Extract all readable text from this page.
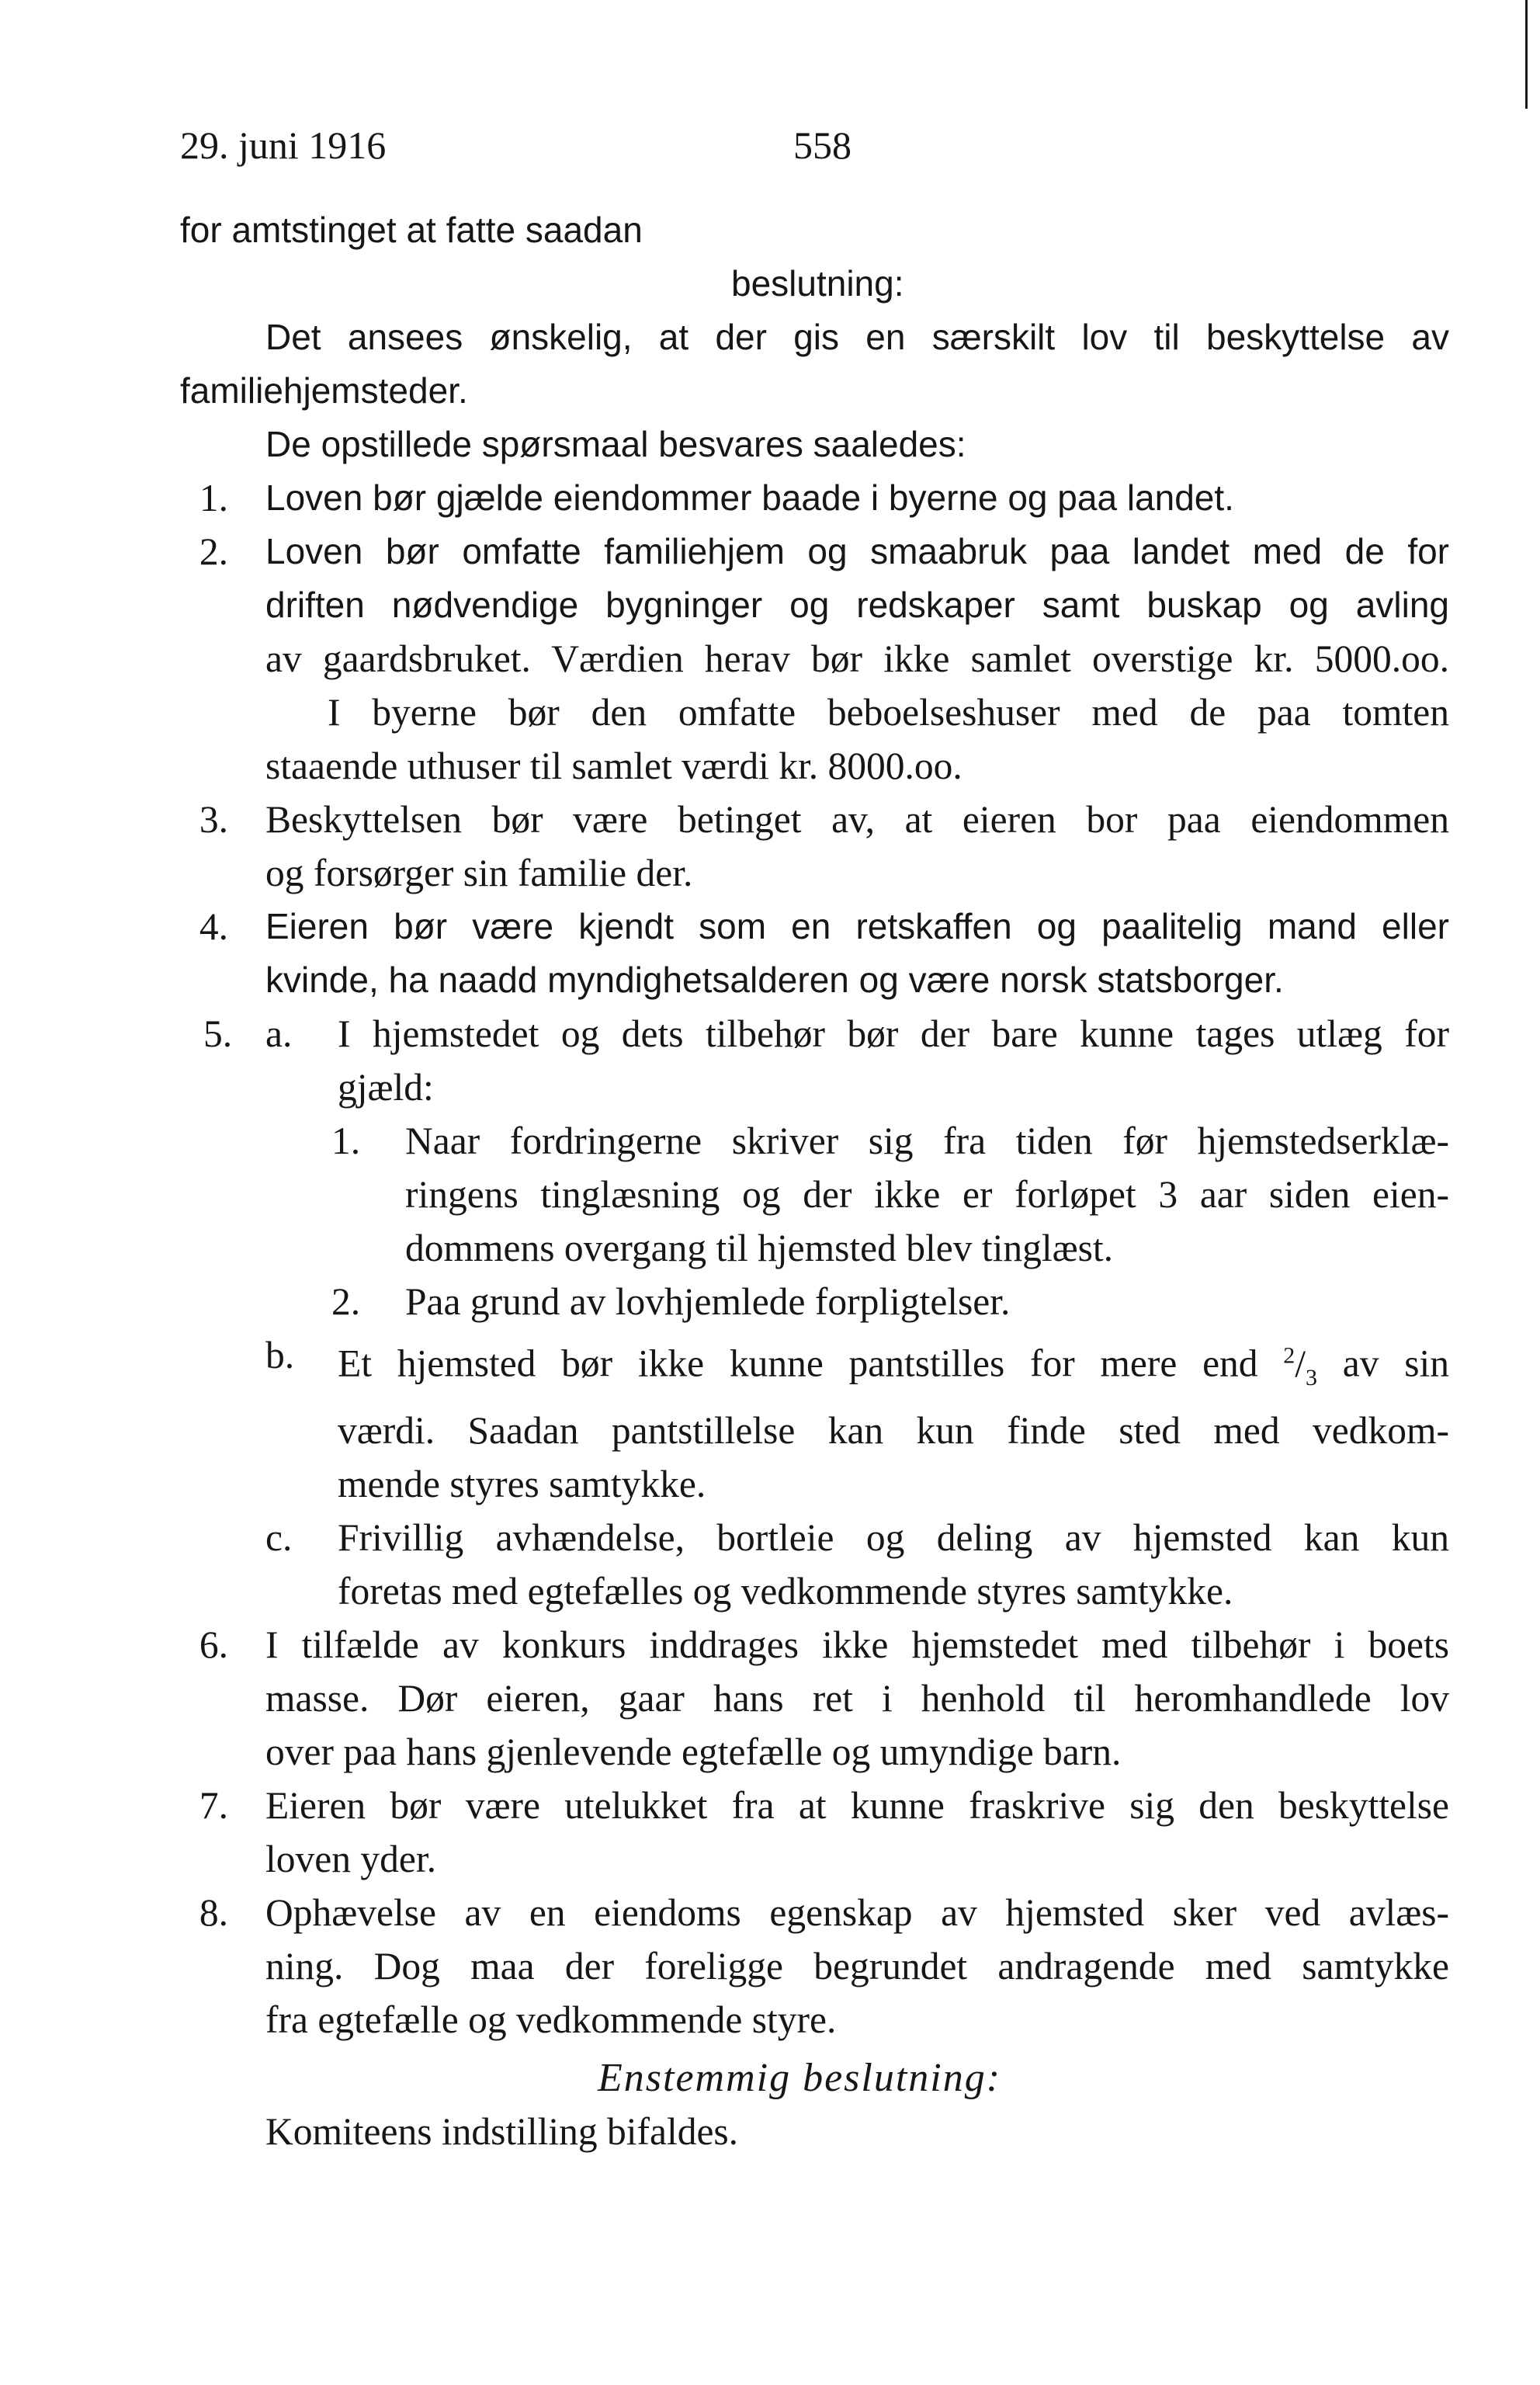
29. juni 1916	558

for amtstinget at fatte saadan

beslutning:

Det ansees ønskelig, at der gis en særskilt lov til beskyttelse av

familiehjemsteder.

De opstillede spørsmaal besvares saaledes:

1. Loven bør gjælde eiendommer baade i byerne og paa landet.

2. Loven bør omfatte familiehjem og smaabruk paa landet med de for

driften nødvendige bygninger og redskaper samt buskap og avling

av gaardsbruket. Værdien herav bør ikke samlet overstige kr. 5000.oo.

I byerne bør den omfatte beboelseshuser med de paa tomten

staaende uthuser til samlet værdi kr. 8000.oo.

3. Beskyttelsen bør være betinget av, at eieren bor paa eiendommen

og forsørger sin familie der.

4. Eieren bør være kjendt som en retskaffen og paalitelig mand eller

kvinde, ha naadd myndighetsalderen og være norsk statsborger.

5. a. I hjemstedet og dets tilbehør bør der bare kunne tages utlæg for

gjæld:

1. Naar fordringerne skriver sig fra tiden før hjemstedserklæ-

ringens tinglæsning og der ikke er forløpet 3 aar siden eien-

dommens overgang til hjemsted blev tinglæst.

2. Paa grund av lovhjemlede forpligtelser.

b. Et hjemsted bør ikke kunne pantstilles for mere end $^2/_3$ av sin

værdi. Saadan pantstillelse kan kun finde sted med vedkom-

mende styres samtykke.

c. Frivillig avhændelse, bortleie og deling av hjemsted kan kun

foretas med egtefælles og vedkommende styres samtykke.

6. I tilfælde av konkurs inddrages ikke hjemstedet med tilbehør i boets

masse. Dør eieren, gaar hans ret i henhold til heromhandlede lov

over paa hans gjenlevende egtefælle og umyndige barn.

7. Eieren bør være utelukket fra at kunne fraskrive sig den beskyttelse

loven yder.

8. Ophævelse av en eiendoms egenskap av hjemsted sker ved avlæs-

ning. Dog maa der foreligge begrundet andragende med samtykke

fra egtefælle og vedkommende styre.

Enstemmig beslutning:

Komiteens indstilling bifaldes.
